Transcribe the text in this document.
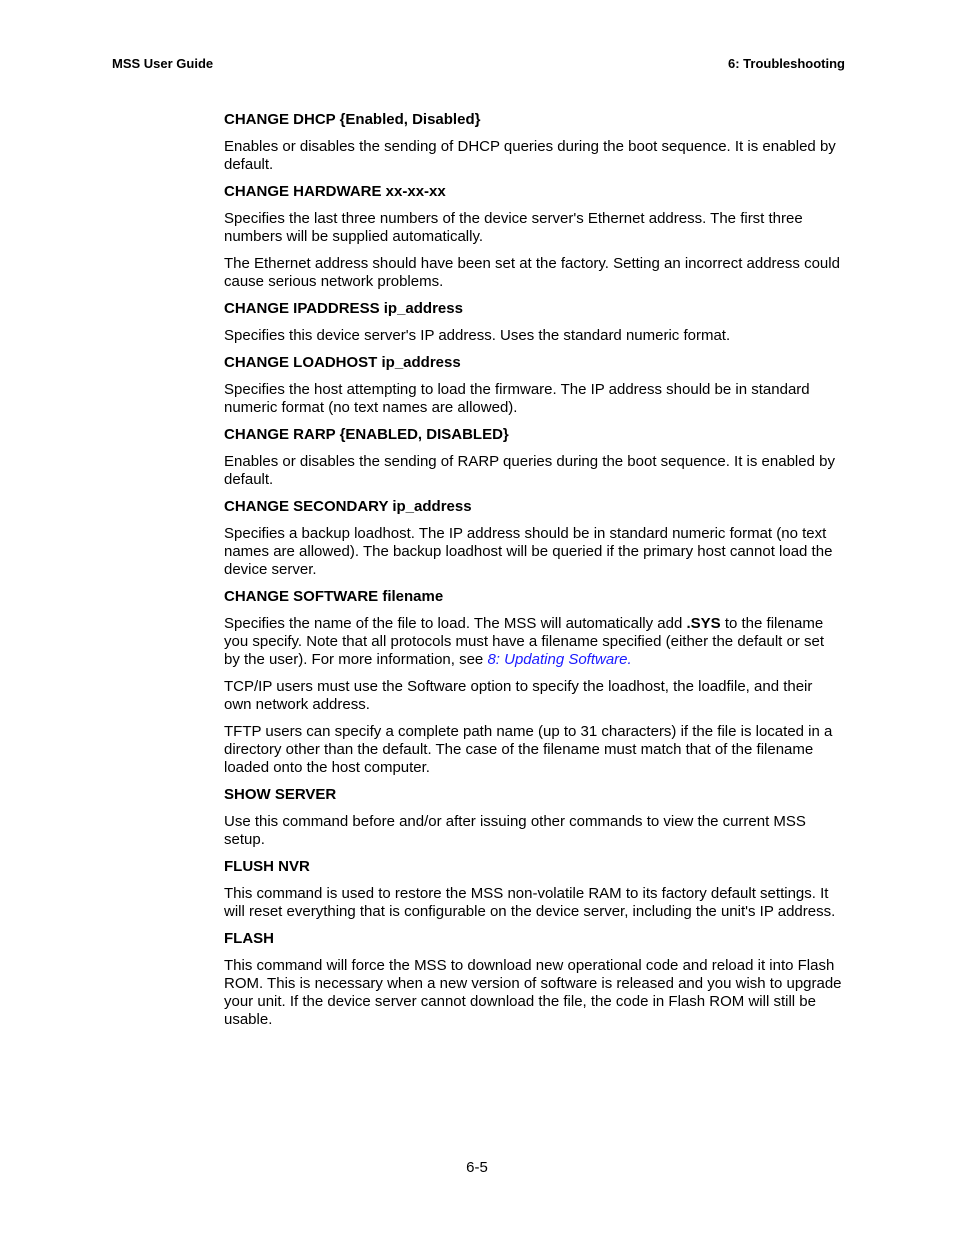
MSS User Guide	6: Troubleshooting
CHANGE DHCP {Enabled, Disabled}

Enables or disables the sending of DHCP queries during the boot sequence. It is enabled by default.

CHANGE HARDWARE xx-xx-xx

Specifies the last three numbers of the device server's Ethernet address. The first three numbers will be supplied automatically.

The Ethernet address should have been set at the factory. Setting an incorrect address could cause serious network problems.

CHANGE IPADDRESS ip_address

Specifies this device server's IP address. Uses the standard numeric format.

CHANGE LOADHOST ip_address

Specifies the host attempting to load the firmware. The IP address should be in standard numeric format (no text names are allowed).

CHANGE RARP {ENABLED, DISABLED}

Enables or disables the sending of RARP queries during the boot sequence. It is enabled by default.

CHANGE SECONDARY ip_address

Specifies a backup loadhost. The IP address should be in standard numeric format (no text names are allowed). The backup loadhost will be queried if the primary host cannot load the device server.

CHANGE SOFTWARE filename

Specifies the name of the file to load. The MSS will automatically add .SYS to the filename you specify. Note that all protocols must have a filename specified (either the default or set by the user). For more information, see 8: Updating Software.

TCP/IP users must use the Software option to specify the loadhost, the loadfile, and their own network address.

TFTP users can specify a complete path name (up to 31 characters) if the file is located in a directory other than the default. The case of the filename must match that of the filename loaded onto the host computer.

SHOW SERVER

Use this command before and/or after issuing other commands to view the current MSS setup.

FLUSH NVR

This command is used to restore the MSS non-volatile RAM to its factory default settings. It will reset everything that is configurable on the device server, including the unit's IP address.

FLASH

This command will force the MSS to download new operational code and reload it into Flash ROM. This is necessary when a new version of software is released and you wish to upgrade your unit. If the device server cannot download the file, the code in Flash ROM will still be usable.

6-5
